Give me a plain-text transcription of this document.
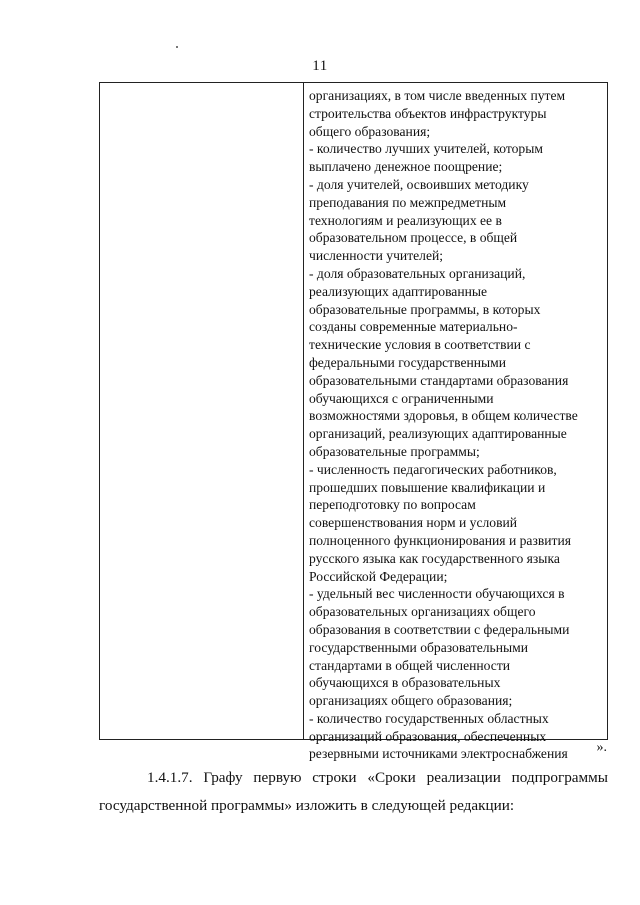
11
организациях, в том числе введенных путем
строительства объектов инфраструктуры
общего образования;
- количество лучших учителей, которым
выплачено денежное поощрение;
- доля учителей, освоивших методику
преподавания по межпредметным
технологиям и реализующих ее в
образовательном процессе, в общей
численности учителей;
- доля образовательных организаций,
реализующих адаптированные
образовательные программы, в которых
созданы современные материально-
технические условия в соответствии с
федеральными государственными
образовательными стандартами образования
обучающихся с ограниченными
возможностями здоровья, в общем количестве
организаций, реализующих адаптированные
образовательные программы;
- численность педагогических работников,
прошедших повышение квалификации и
переподготовку по вопросам
совершенствования норм и условий
полноценного функционирования и развития
русского языка как государственного языка
Российской Федерации;
- удельный вес численности обучающихся в
образовательных организациях общего
образования в соответствии с федеральными
государственными образовательными
стандартами в общей численности
обучающихся в образовательных
организациях общего образования;
- количество государственных областных
организаций образования, обеспеченных
резервными источниками электроснабжения	».
1.4.1.7. Графу первую строки «Сроки реализации подпрограммы
государственной программы» изложить в следующей редакции:
